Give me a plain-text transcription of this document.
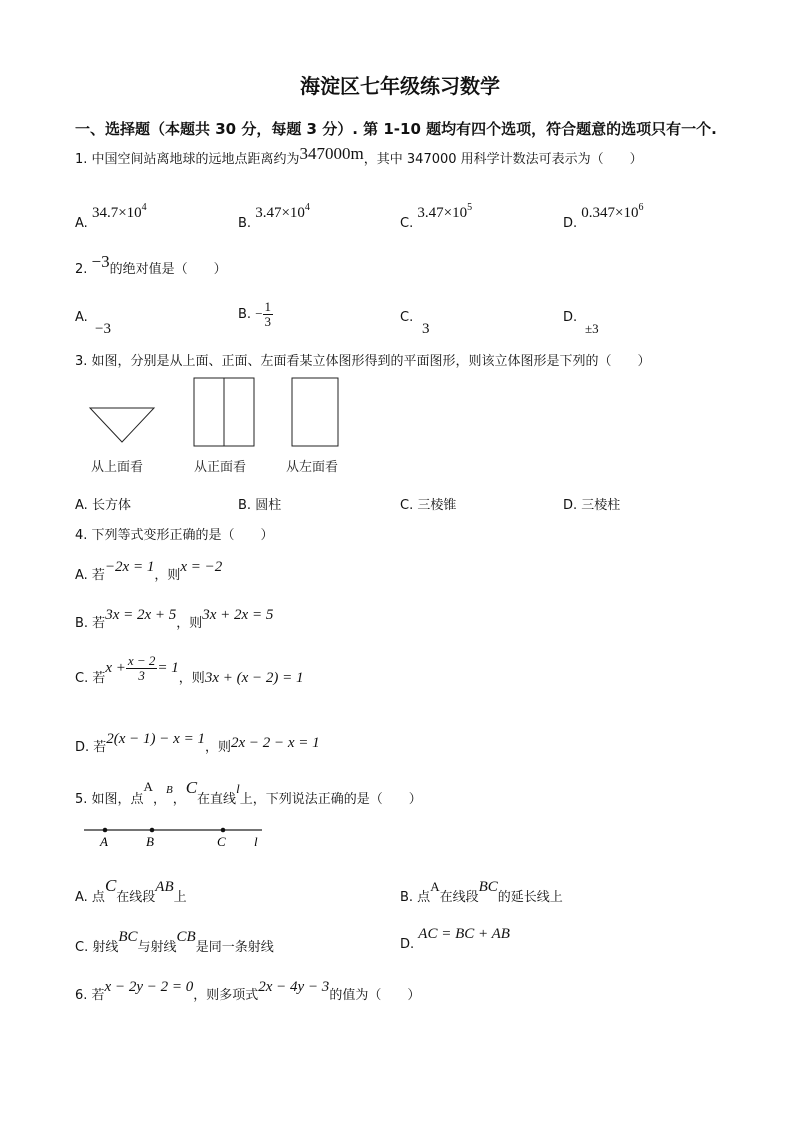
海淀区七年级练习数学
一、选择题（本题共 30 分，每题 3 分）. 第 1-10 题均有四个选项，符合题意的选项只有一个.
1. 中国空间站离地球的远地点距离约为347000m，其中 347000 用科学计数法可表示为（　　）
A. $34.7\times 10^4$
B. $3.47\times 10^4$
C. $3.47\times 10^5$
D. $0.347\times 10^6$
2. −3的绝对值是（　　）
A.
−3
B. − $\frac{1}{3}$	C.
3
D.
±3
3. 如图，分别是从上面、正面、左面看某立体图形得到的平面图形，则该立体图形是下列的（　　）
从上面看	从正面看	从左面看
A. 长方体	B. 圆柱	C. 三棱锥	D. 三棱柱
4. 下列等式变形正确的是（　　）
A. 若−2x = 1，则x = −2
B. 若3x = 2x + 5，则3x + 2x = 5
C. 若$x + \frac{x - 2}{3} = 1$，则3x + (x − 2) = 1
D. 若2(x − 1) − x = 1，则2x − 2 − x = 1
5. 如图，点A，$^B$，C在直线l上，下列说法正确的是（　　）
A	B	C l
A. 点C在线段AB上	B. 点A在线段BC的延长线上
C. 射线BC与射线CB是同一条射线	D. AC = BC + AB
6. 若x − 2y − 2 = 0，则多项式2x − 4y − 3的值为（　　）
